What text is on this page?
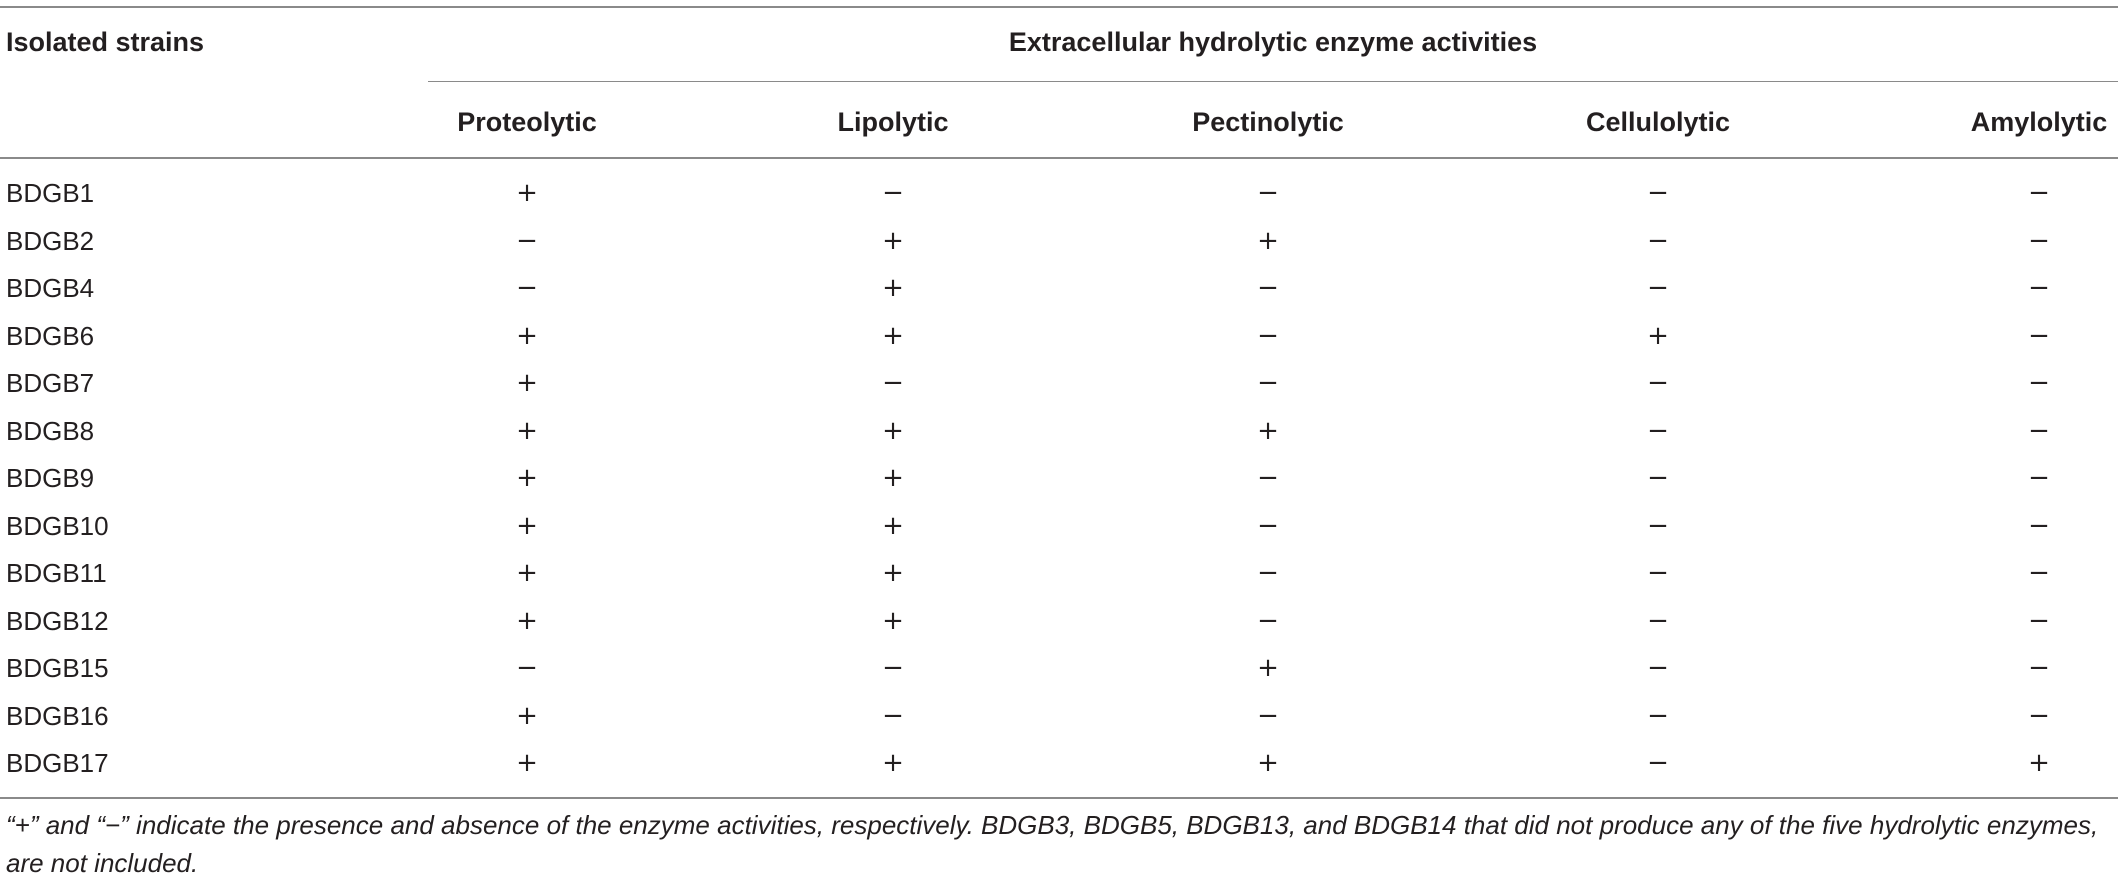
Isolated strains	Extracellular hydrolytic enzyme activities
Proteolytic	Lipolytic	Pectinolytic	Cellulolytic	Amylolytic
BDGB1	+	−	−	−	−
BDGB2	−	+	+	−	−
BDGB4	−	+	−	−	−
BDGB6	+	+	−	+	−
BDGB7	+	−	−	−	−
BDGB8	+	+	+	−	−
BDGB9	+	+	−	−	−
BDGB10	+	+	−	−	−
BDGB11	+	+	−	−	−
BDGB12	+	+	−	−	−
BDGB15	−	−	+	−	−
BDGB16	+	−	−	−	−
BDGB17	+	+	+	−	+
“+” and “−” indicate the presence and absence of the enzyme activities, respectively. BDGB3, BDGB5, BDGB13, and BDGB14 that did not produce any of the five hydrolytic enzymes, are not included.
